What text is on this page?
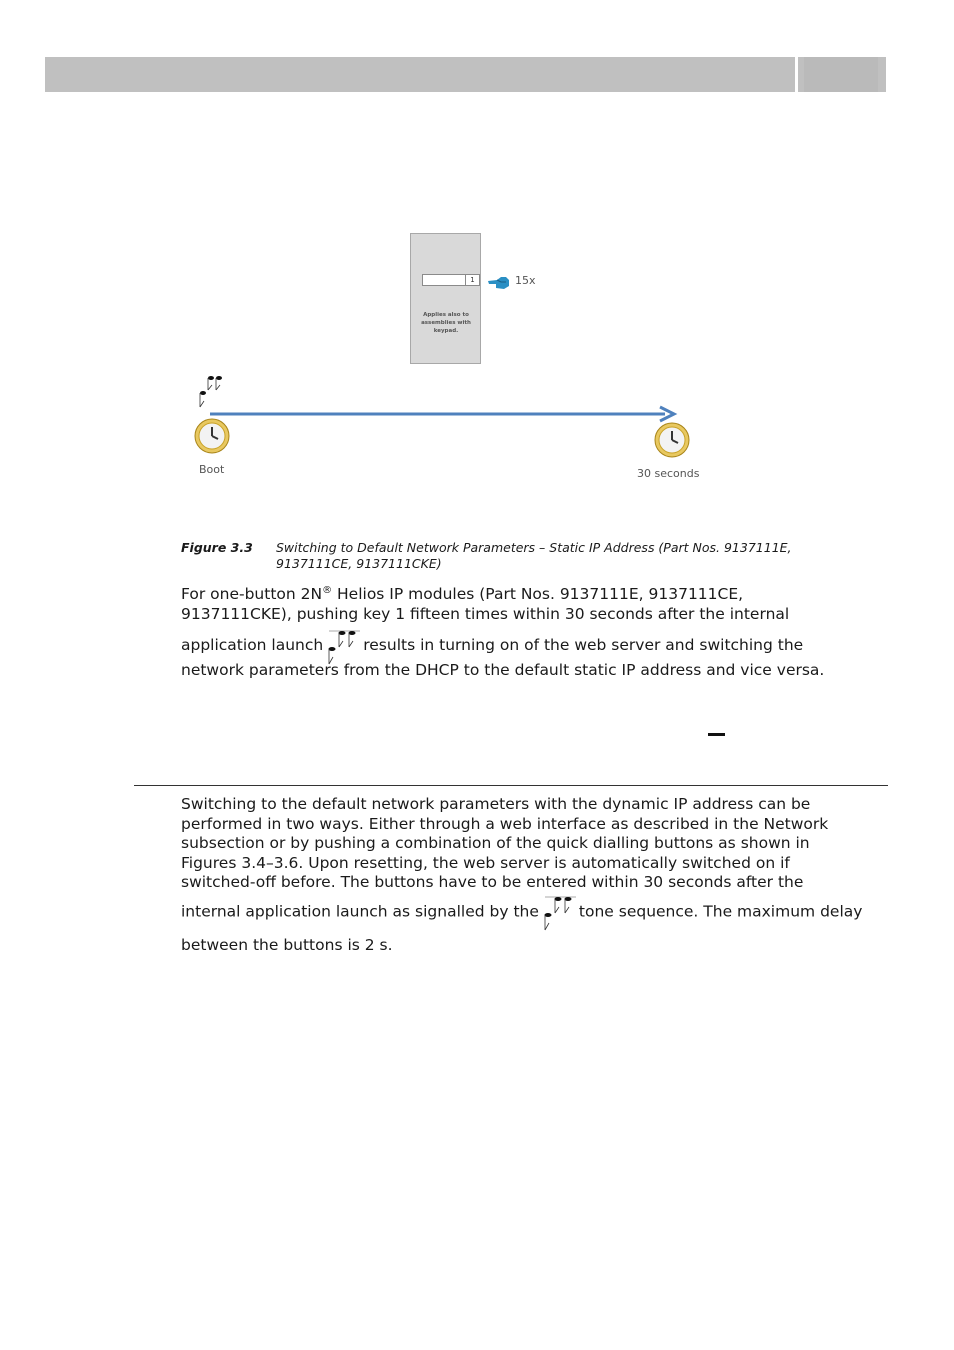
1
Applies also to assemblies with keypad.
15x
Boot	30 seconds
Figure 3.3 Switching to Default Network Parameters – Static IP Address (Part Nos. 9137111E, 9137111CE, 9137111CKE)
For one-button 2N® Helios IP modules (Part Nos. 9137111E, 9137111CE,
9137111CKE), pushing key 1 fifteen times within 30 seconds after the internal
application launch	results in turning on of the web server and switching the
network parameters from the DHCP to the default static IP address and vice versa.
Switching to the default network parameters with the dynamic IP address can be
performed in two ways. Either through a web interface as described in the Network
subsection or by pushing a combination of the quick dialling buttons as shown in
Figures 3.4–3.6. Upon resetting, the web server is automatically switched on if
switched-off before. The buttons have to be entered within 30 seconds after the
internal application launch as signalled by the	tone sequence. The maximum delay
between the buttons is 2 s.
